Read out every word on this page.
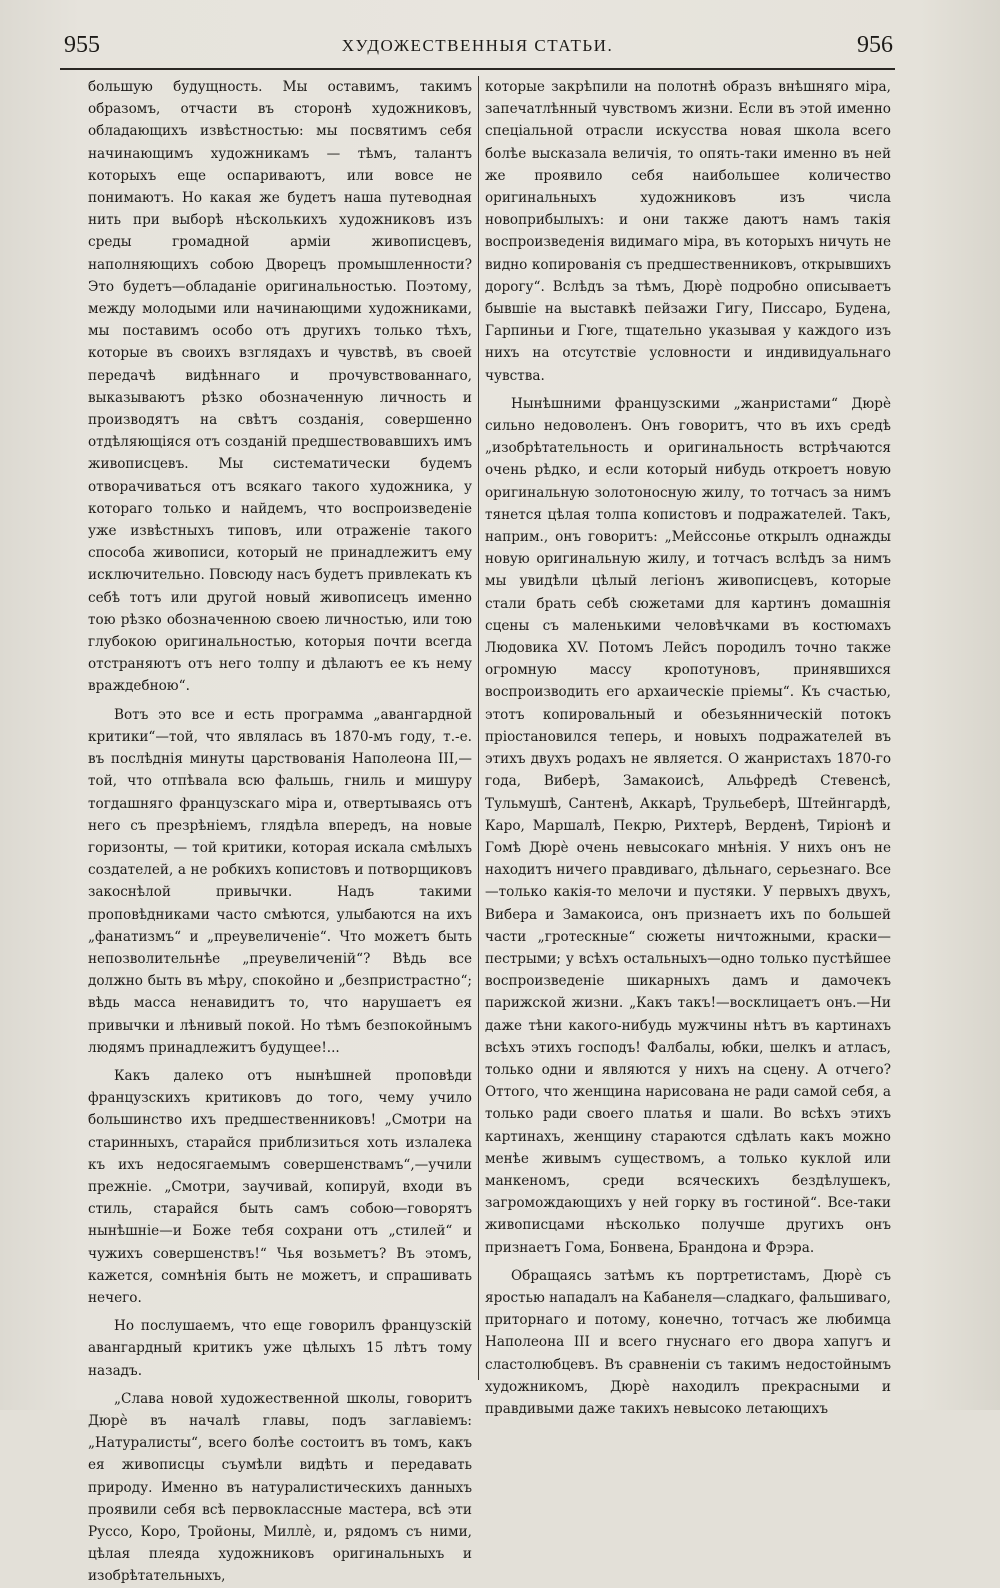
955	ХУДОЖЕСТВЕННЫЯ СТАТЬИ.	956

большую будущность. Мы оставимъ, такимъ образомъ, отчасти въ сторонѣ художниковъ, обладающихъ извѣстностью: мы посвятимъ себя начинающимъ художникамъ — тѣмъ, талантъ которыхъ еще оспариваютъ, или вовсе не понимаютъ. Но какая же будетъ наша путеводная нить при выборѣ нѣсколькихъ художниковъ изъ среды громадной арміи живописцевъ, наполняющихъ собою Дворецъ промышленности? Это будетъ—обладаніе оригинальностью. Поэтому, между молодыми или начинающими художниками, мы поставимъ особо отъ другихъ только тѣхъ, которые въ своихъ взглядахъ и чувствѣ, въ своей передачѣ видѣннаго и прочувствованнаго, выказываютъ рѣзко обозначенную личность и производятъ на свѣтъ созданія, совершенно отдѣляющіяся отъ созданій предшествовавшихъ имъ живописцевъ. Мы систематически будемъ отворачиваться отъ всякаго такого художника, у котораго только и найдемъ, что воспроизведеніе уже извѣстныхъ типовъ, или отраженіе такого способа живописи, который не принадлежитъ ему исключительно. Повсюду насъ будетъ привлекать къ себѣ тотъ или другой новый живописецъ именно тою рѣзко обозначенною своею личностью, или тою глубокою оригинальностью, которыя почти всегда отстраняютъ отъ него толпу и дѣлаютъ ее къ нему враждебною“.

Вотъ это все и есть программа „авангардной критики“—той, что являлась въ 1870-мъ году, т.-е. въ послѣднія минуты царствованія Наполеона III,—той, что отпѣвала всю фальшь, гниль и мишуру тогдашняго французскаго міра и, отвертываясь отъ него съ презрѣніемъ, глядѣла впередъ, на новые горизонты, — той критики, которая искала смѣлыхъ создателей, а не робкихъ копистовъ и потворщиковъ закоснѣлой привычки. Надъ такими проповѣдниками часто смѣются, улыбаются на ихъ „фанатизмъ“ и „преувеличеніе“. Что можетъ быть непозволительнѣе „преувеличеній“? Вѣдь все должно быть въ мѣру, спокойно и „безпристрастно“; вѣдь масса ненавидитъ то, что нарушаетъ ея привычки и лѣнивый покой. Но тѣмъ безпокойнымъ людямъ принадлежитъ будущее!...

Какъ далеко отъ нынѣшней проповѣди французскихъ критиковъ до того, чему учило большинство ихъ предшественниковъ! „Смотри на старинныхъ, старайся приблизиться хоть излалека къ ихъ недосягаемымъ совершенствамъ“,—учили прежніе. „Смотри, заучивай, копируй, входи въ стиль, старайся быть самъ собою—говорятъ нынѣшніе—и Боже тебя сохрани отъ „стилей“ и чужихъ совершенствъ!“ Чья возьметъ? Въ этомъ, кажется, сомнѣнія быть не можетъ, и спрашивать нечего.

Но послушаемъ, что еще говорилъ французскій авангардный критикъ уже цѣлыхъ 15 лѣтъ тому назадъ.

„Слава новой художественной школы, говоритъ Дюрѐ въ началѣ главы, подъ заглавіемъ: „Натуралисты“, всего болѣе состоитъ въ томъ, какъ ея живописцы съумѣли видѣть и передавать природу. Именно въ натуралистическихъ данныхъ проявили себя всѣ первоклассные мастера, всѣ эти Руссо, Коро, Тройоны, Миллѐ, и, рядомъ съ ними, цѣлая плеяда художниковъ оригинальныхъ и изобрѣтательныхъ,

которые закрѣпили на полотнѣ образъ внѣшняго міра, запечатлѣнный чувствомъ жизни. Если въ этой именно спеціальной отрасли искусства новая школа всего болѣе высказала величія, то опять-таки именно въ ней же проявило себя наибольшее количество оригинальныхъ художниковъ изъ числа новоприбылыхъ: и они также даютъ намъ такія воспроизведенія видимаго міра, въ которыхъ ничуть не видно копированія съ предшественниковъ, открывшихъ дорогу“. Вслѣдъ за тѣмъ, Дюрѐ подробно описываетъ бывшіе на выставкѣ пейзажи Гигу, Писсаро, Будена, Гарпиньи и Гюге, тщательно указывая у каждого изъ нихъ на отсутствіе условности и индивидуальнаго чувства.

Нынѣшними французскими „жанристами“ Дюрѐ сильно недоволенъ. Онъ говоритъ, что въ ихъ средѣ „изобрѣтательность и оригинальность встрѣчаются очень рѣдко, и если который нибудь откроетъ новую оригинальную золотоносную жилу, то тотчасъ за нимъ тянется цѣлая толпа копистовъ и подражателей. Такъ, наприм., онъ говоритъ: „Мейссонье открылъ однажды новую оригинальную жилу, и тотчасъ вслѣдъ за нимъ мы увидѣли цѣлый легіонъ живописцевъ, которые стали брать себѣ сюжетами для картинъ домашнія сцены съ маленькими человѣчками въ костюмахъ Людовика XV. Потомъ Лейсъ породилъ точно также огромную массу кропотуновъ, принявшихся воспроизводить его архаическіе пріемы“. Къ счастью, этотъ копировальный и обезьянническій потокъ пріостановился теперь, и новыхъ подражателей въ этихъ двухъ родахъ не является. О жанристахъ 1870-го года, Виберѣ, Замакоисѣ, Альфредѣ Стевенсѣ, Тульмушѣ, Сантенѣ, Аккарѣ, Трульеберѣ, Штейнгардѣ, Каро, Маршалѣ, Пекрю, Рихтерѣ, Верденѣ, Тиріонѣ и Гомѣ Дюрѐ очень невысокаго мнѣнія. У нихъ онъ не находитъ ничего правдиваго, дѣльнаго, серьезнаго. Все—только какія-то мелочи и пустяки. У первыхъ двухъ, Вибера и Замакоиса, онъ признаетъ ихъ по большей части „гротескные“ сюжеты ничтожными, краски—пестрыми; у всѣхъ остальныхъ—одно только пустѣйшее воспроизведеніе шикарныхъ дамъ и дамочекъ парижской жизни. „Какъ такъ!—восклицаетъ онъ.—Ни даже тѣни какого-нибудь мужчины нѣтъ въ картинахъ всѣхъ этихъ господъ! Фалбалы, юбки, шелкъ и атласъ, только одни и являются у нихъ на сцену. А отчего? Оттого, что женщина нарисована не ради самой себя, а только ради своего платья и шали. Во всѣхъ этихъ картинахъ, женщину стараются сдѣлать какъ можно менѣе живымъ существомъ, а только куклой или манкеномъ, среди всяческихъ бездѣлушекъ, загромождающихъ у ней горку въ гостиной“. Все-таки живописцами нѣсколько получше другихъ онъ признаетъ Гома, Бонвена, Брандона и Фрэра.

Обращаясь затѣмъ къ портретистамъ, Дюрѐ съ яростью нападалъ на Кабанеля—сладкаго, фальшиваго, приторнаго и потому, конечно, тотчасъ же любимца Наполеона III и всего гнуснаго его двора хапугъ и сластолюбцевъ. Въ сравненіи съ такимъ недостойнымъ художникомъ, Дюрѐ находилъ прекрасными и правдивыми даже такихъ невысоко летающихъ
